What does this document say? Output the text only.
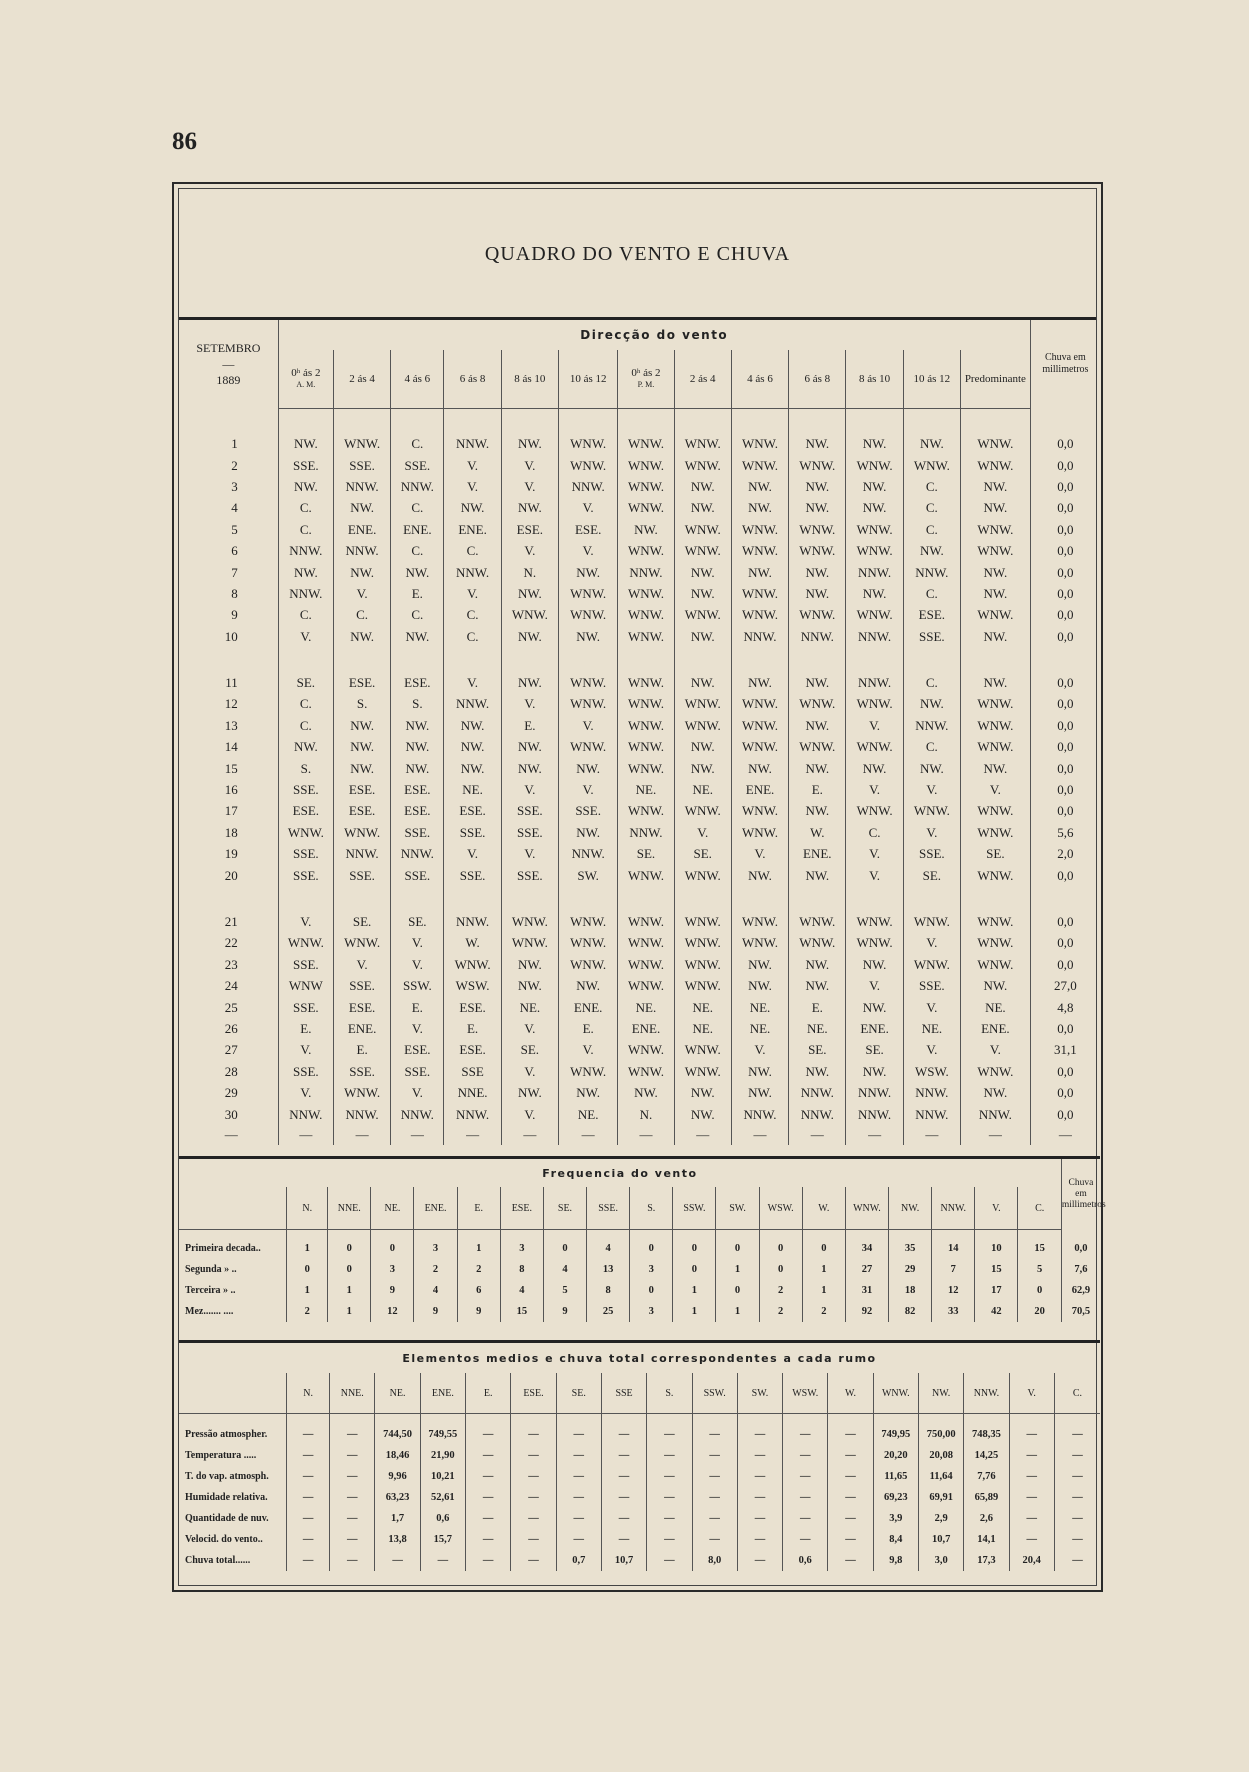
86
QUADRO DO VENTO E CHUVA
SETEMBRO
—
1889	Direcção do vento													Chuva em millimetros
	0ʰ ás 2
A. M.	2 ás 4	4 ás 6	6 ás 8	8 ás 10	10 ás 12	0ʰ ás 2
P. M.	2 ás 4	4 ás 6	6 ás 8	8 ás 10	10 ás 12	Predominante	

1	NW.	WNW.	C.	NNW.	NW.	WNW.	WNW.	WNW.	WNW.	NW.	NW.	NW.	WNW.	0,0
2	SSE.	SSE.	SSE.	V.	V.	WNW.	WNW.	WNW.	WNW.	WNW.	WNW.	WNW.	WNW.	0,0
3	NW.	NNW.	NNW.	V.	V.	NNW.	WNW.	NW.	NW.	NW.	NW.	C.	NW.	0,0
4	C.	NW.	C.	NW.	NW.	V.	WNW.	NW.	NW.	NW.	NW.	C.	NW.	0,0
5	C.	ENE.	ENE.	ENE.	ESE.	ESE.	NW.	WNW.	WNW.	WNW.	WNW.	C.	WNW.	0,0
6	NNW.	NNW.	C.	C.	V.	V.	WNW.	WNW.	WNW.	WNW.	WNW.	NW.	WNW.	0,0
7	NW.	NW.	NW.	NNW.	N.	NW.	NNW.	NW.	NW.	NW.	NNW.	NNW.	NW.	0,0
8	NNW.	V.	E.	V.	NW.	WNW.	WNW.	NW.	WNW.	NW.	NW.	C.	NW.	0,0
9	C.	C.	C.	C.	WNW.	WNW.	WNW.	WNW.	WNW.	WNW.	WNW.	ESE.	WNW.	0,0
10	V.	NW.	NW.	C.	NW.	NW.	WNW.	NW.	NNW.	NNW.	NNW.	SSE.	NW.	0,0

11	SE.	ESE.	ESE.	V.	NW.	WNW.	WNW.	NW.	NW.	NW.	NNW.	C.	NW.	0,0
12	C.	S.	S.	NNW.	V.	WNW.	WNW.	WNW.	WNW.	WNW.	WNW.	NW.	WNW.	0,0
13	C.	NW.	NW.	NW.	E.	V.	WNW.	WNW.	WNW.	NW.	V.	NNW.	WNW.	0,0
14	NW.	NW.	NW.	NW.	NW.	WNW.	WNW.	NW.	WNW.	WNW.	WNW.	C.	WNW.	0,0
15	S.	NW.	NW.	NW.	NW.	NW.	WNW.	NW.	NW.	NW.	NW.	NW.	NW.	0,0
16	SSE.	ESE.	ESE.	NE.	V.	V.	NE.	NE.	ENE.	E.	V.	V.	V.	0,0
17	ESE.	ESE.	ESE.	ESE.	SSE.	SSE.	WNW.	WNW.	WNW.	NW.	WNW.	WNW.	WNW.	0,0
18	WNW.	WNW.	SSE.	SSE.	SSE.	NW.	NNW.	V.	WNW.	W.	C.	V.	WNW.	5,6
19	SSE.	NNW.	NNW.	V.	V.	NNW.	SE.	SE.	V.	ENE.	V.	SSE.	SE.	2,0
20	SSE.	SSE.	SSE.	SSE.	SSE.	SW.	WNW.	WNW.	NW.	NW.	V.	SE.	WNW.	0,0

21	V.	SE.	SE.	NNW.	WNW.	WNW.	WNW.	WNW.	WNW.	WNW.	WNW.	WNW.	WNW.	0,0
22	WNW.	WNW.	V.	W.	WNW.	WNW.	WNW.	WNW.	WNW.	WNW.	WNW.	V.	WNW.	0,0
23	SSE.	V.	V.	WNW.	NW.	WNW.	WNW.	WNW.	NW.	NW.	NW.	WNW.	WNW.	0,0
24	WNW	SSE.	SSW.	WSW.	NW.	NW.	WNW.	WNW.	NW.	NW.	V.	SSE.	NW.	27,0
25	SSE.	ESE.	E.	ESE.	NE.	ENE.	NE.	NE.	NE.	E.	NW.	V.	NE.	4,8
26	E.	ENE.	V.	E.	V.	E.	ENE.	NE.	NE.	NE.	ENE.	NE.	ENE.	0,0
27	V.	E.	ESE.	ESE.	SE.	V.	WNW.	WNW.	V.	SE.	SE.	V.	V.	31,1
28	SSE.	SSE.	SSE.	SSE	V.	WNW.	WNW.	WNW.	NW.	NW.	NW.	WSW.	WNW.	0,0
29	V.	WNW.	V.	NNE.	NW.	NW.	NW.	NW.	NW.	NNW.	NNW.	NNW.	NW.	0,0
30	NNW.	NNW.	NNW.	NNW.	V.	NE.	N.	NW.	NNW.	NNW.	NNW.	NNW.	NNW.	0,0
—	—	—	—	—	—	—	—	—	—	—	—	—	—	—
Frequencia do vento																			Chuva em millimetros
	N.	NNE.	NE.	ENE.	E.	ESE.	SE.	SSE.	S.	SSW.	SW.	WSW.	W.	WNW.	NW.	NNW.	V.	C.	

Primeira decada..	1	0	0	3	1	3	0	4	0	0	0	0	0	34	35	14	10	15	0,0
Segunda » ..	0	0	3	2	2	8	4	13	3	0	1	0	1	27	29	7	15	5	7,6
Terceira » ..	1	1	9	4	6	4	5	8	0	1	0	2	1	31	18	12	17	0	62,9
Mez....... ....	2	1	12	9	9	15	9	25	3	1	1	2	2	92	82	33	42	20	70,5
Elementos medios e chuva total correspondentes a cada rumo																		
	N.	NNE.	NE.	ENE.	E.	ESE.	SE.	SSE	S.	SSW.	SW.	WSW.	W.	WNW.	NW.	NNW.	V.	C.

Pressão atmospher.	—	—	744,50	749,55	—	—	—	—	—	—	—	—	—	749,95	750,00	748,35	—	—
Temperatura .....	—	—	18,46	21,90	—	—	—	—	—	—	—	—	—	20,20	20,08	14,25	—	—
T. do vap. atmosph.	—	—	9,96	10,21	—	—	—	—	—	—	—	—	—	11,65	11,64	7,76	—	—
Humidade relativa.	—	—	63,23	52,61	—	—	—	—	—	—	—	—	—	69,23	69,91	65,89	—	—
Quantidade de nuv.	—	—	1,7	0,6	—	—	—	—	—	—	—	—	—	3,9	2,9	2,6	—	—
Velocid. do vento..	—	—	13,8	15,7	—	—	—	—	—	—	—	—	—	8,4	10,7	14,1	—	—
Chuva total......	—	—	—	—	—	—	0,7	10,7	—	8,0	—	0,6	—	9,8	3,0	17,3	20,4	—
